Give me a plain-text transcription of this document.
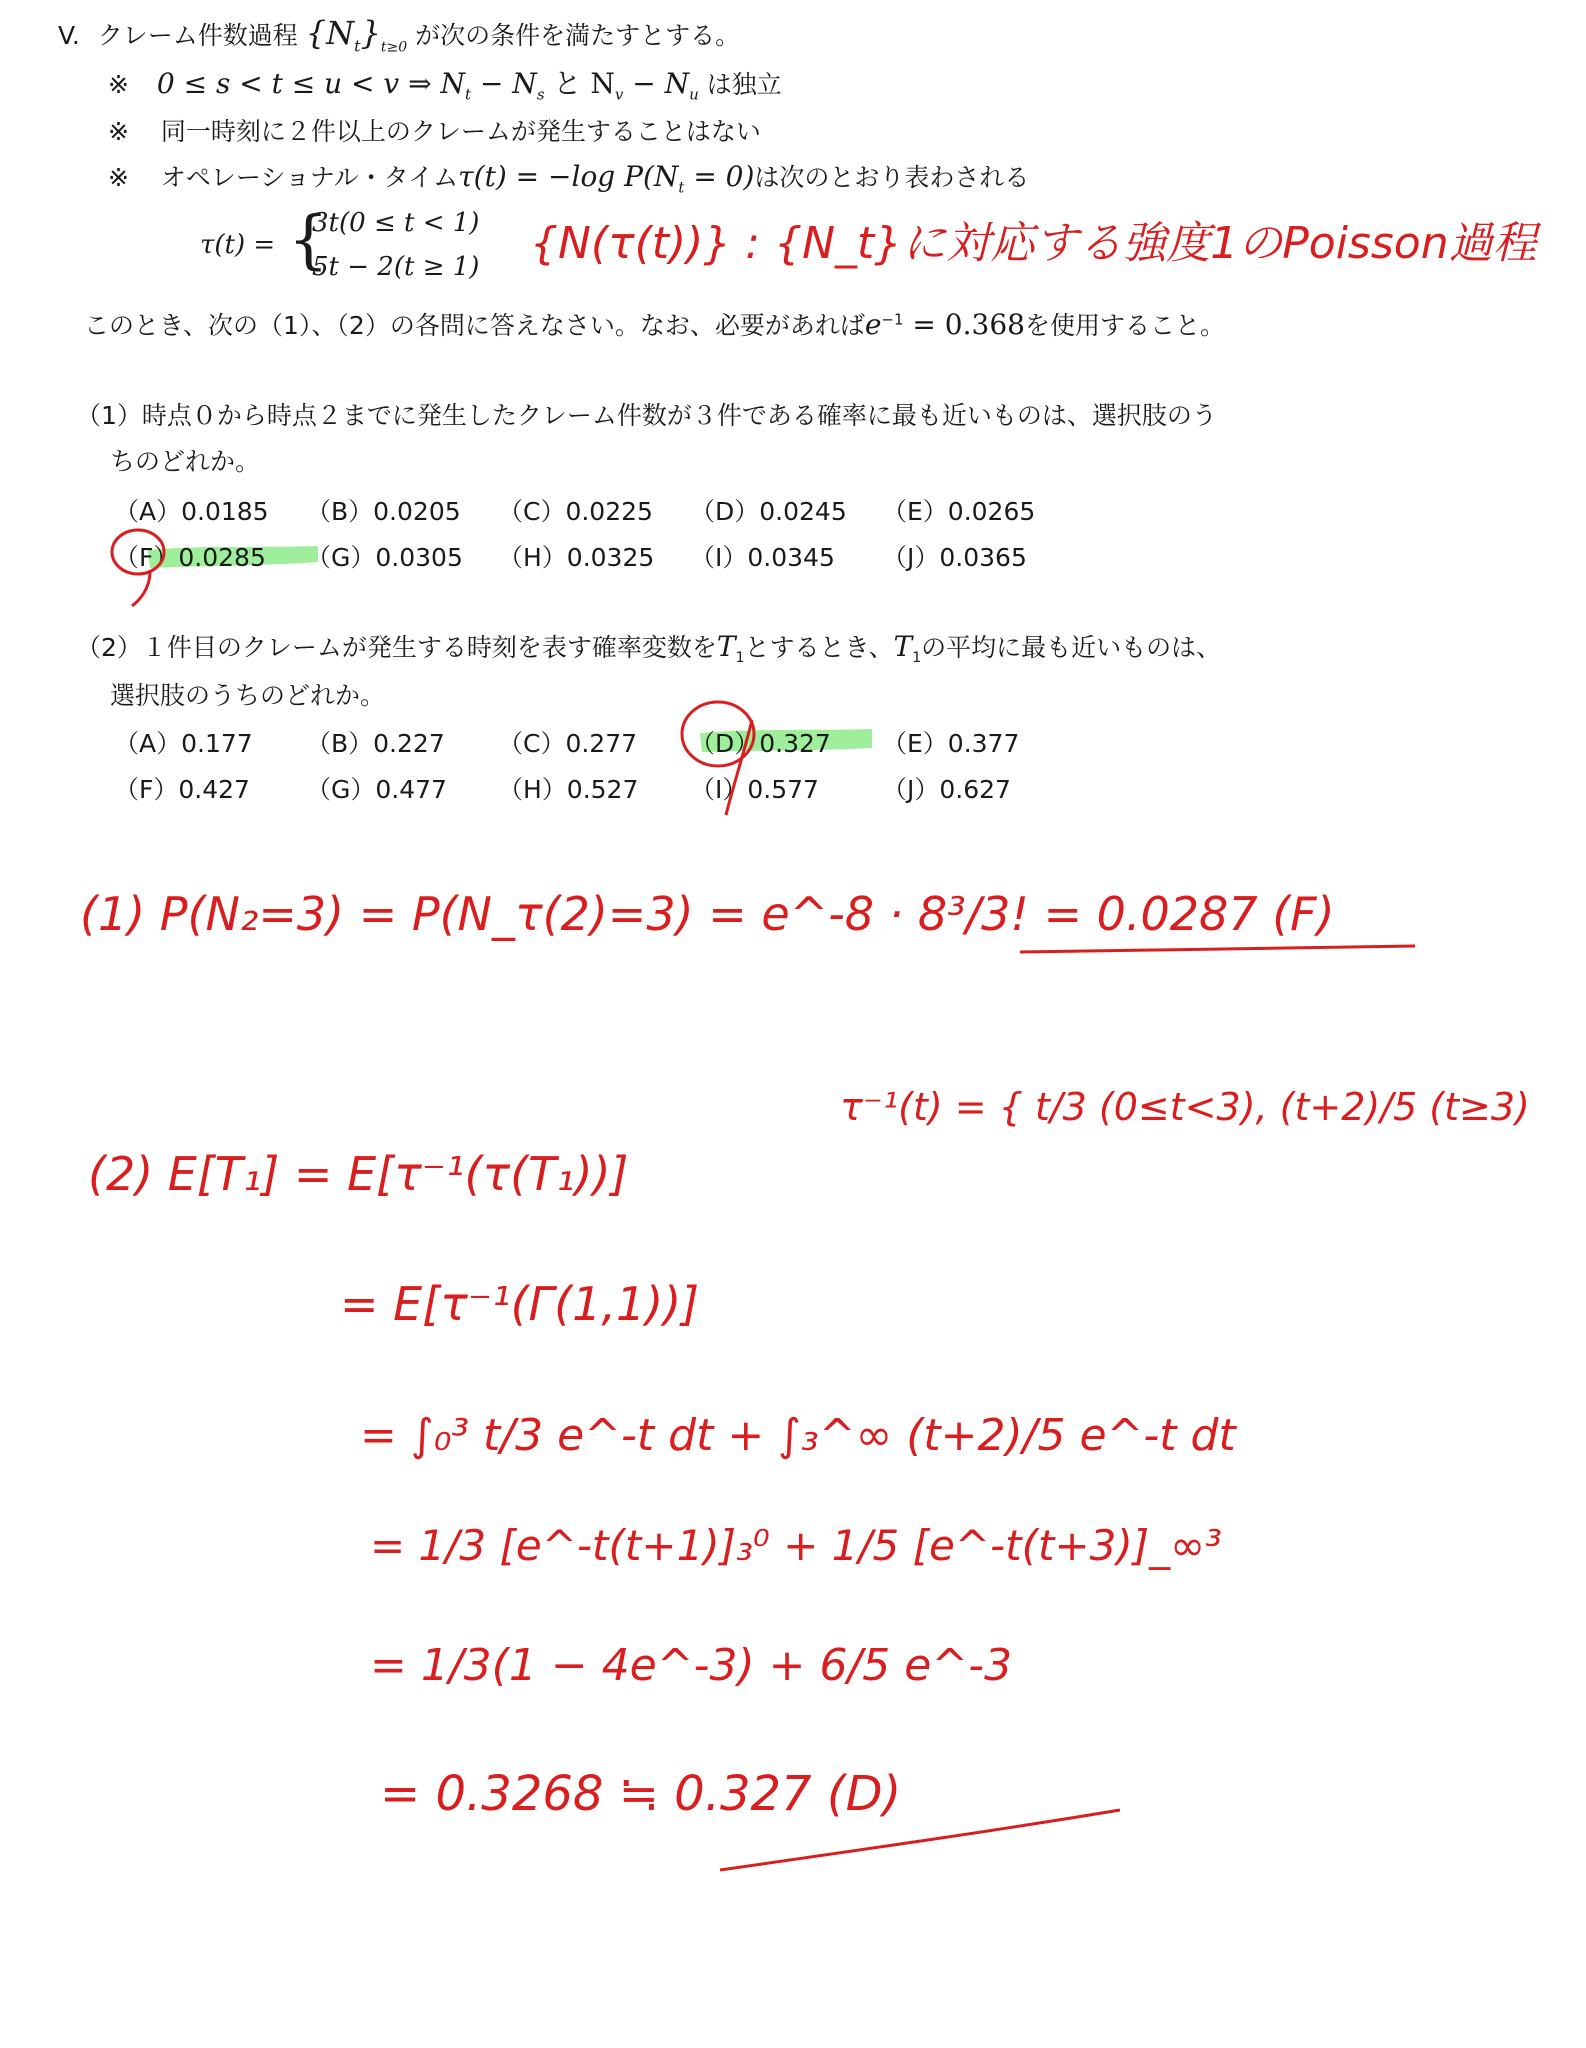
V. クレーム件数過程 $\{N_t\}_{t\ge 0}$ が次の条件を満たすとする。
※ 0 ≤ s < t ≤ u < v ⇒ $N_t - N_s$ と $N_v - N_u$ は独立
※ 同一時刻に２件以上のクレームが発生することはない
※ オペレーショナル・タイムτ(t) = −log $P(N_t = 0)$は次のとおり表わされる
τ(t) = {
3t(0 ≤ t < 1)
5t − 2(t ≥ 1)
このとき、次の（1）、（2）の各問に答えなさい。なお、必要があれば$e^{-1} = 0.368$を使用すること。
（1）時点０から時点２までに発生したクレーム件数が３件である確率に最も近いものは、選択肢のう
ちのどれか。
（A）0.0185 （B）0.0205 （C）0.0225 （D）0.0245 （E）0.0265
（F）0.0285 （G）0.0305 （H）0.0325 （I）0.0345 （J）0.0365
（2）１件目のクレームが発生する時刻を表す確率変数を$T_1$とするとき、$T_1$の平均に最も近いものは、
選択肢のうちのどれか。
（A）0.177 （B）0.227 （C）0.277 （D）0.327 （E）0.377
（F）0.427 （G）0.477 （H）0.527 （I）0.577	（J）0.627
{N(τ(t))} : {N_t}に対応する強度1のPoisson過程
(1) P(N₂=3) = P(N_τ(2)=3) = e^-8 · 8³/3! = 0.0287 (F)
τ⁻¹(t) = { t/3 (0≤t<3), (t+2)/5 (t≥3)
(2) E[T₁] = E[τ⁻¹(τ(T₁))]
= E[τ⁻¹(Γ(1,1))]
= ∫₀³ t/3 e^-t dt + ∫₃^∞ (t+2)/5 e^-t dt
= 1/3 [e^-t(t+1)]₃⁰ + 1/5 [e^-t(t+3)]_∞³
= 1/3(1 − 4e^-3) + 6/5 e^-3
= 0.3268 ≒ 0.327 (D)
